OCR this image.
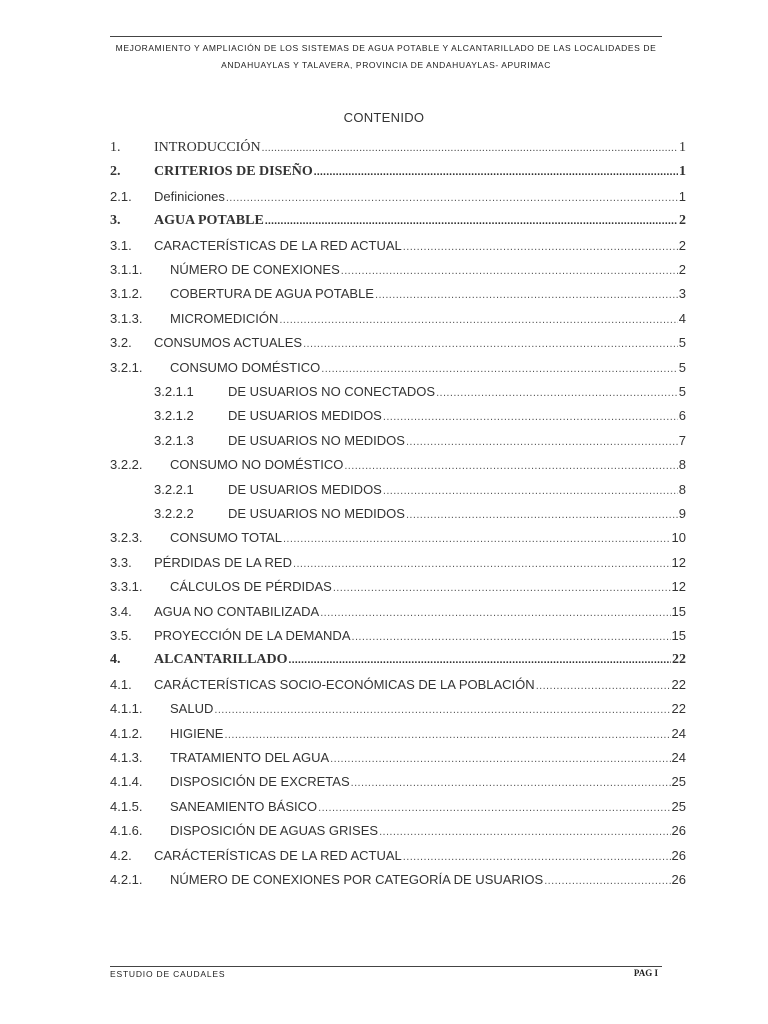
MEJORAMIENTO Y AMPLIACIÓN DE LOS SISTEMAS DE AGUA POTABLE Y ALCANTARILLADO DE LAS LOCALIDADES DE
ANDAHUAYLAS Y TALAVERA, PROVINCIA DE ANDAHUAYLAS- APURIMAC
CONTENIDO
1.	INTRODUCCIÓN .....	1
2.	CRITERIOS DE DISEÑO .....	1
2.1.	Definiciones .....	1
3.	AGUA POTABLE .....	2
3.1.	CARACTERÍSTICAS DE LA RED ACTUAL .....	2
3.1.1.	NÚMERO DE CONEXIONES .....	2
3.1.2.	COBERTURA DE AGUA POTABLE .....	3
3.1.3.	MICROMEDICIÓN .....	4
3.2.	CONSUMOS ACTUALES .....	5
3.2.1.	CONSUMO DOMÉSTICO .....	5
3.2.1.1	DE USUARIOS NO CONECTADOS .....	5
3.2.1.2	DE USUARIOS MEDIDOS .....	6
3.2.1.3	DE USUARIOS NO MEDIDOS .....	7
3.2.2.	CONSUMO NO DOMÉSTICO .....	8
3.2.2.1	DE USUARIOS MEDIDOS .....	8
3.2.2.2	DE USUARIOS NO MEDIDOS .....	9
3.2.3.	CONSUMO TOTAL .....	10
3.3.	PÉRDIDAS DE LA RED .....	12
3.3.1.	CÁLCULOS DE PÉRDIDAS .....	12
3.4.	AGUA NO CONTABILIZADA .....	15
3.5.	PROYECCIÓN DE LA DEMANDA .....	15
4.	ALCANTARILLADO .....	22
4.1.	CARÁCTERÍSTICAS SOCIO-ECONÓMICAS DE LA POBLACIÓN .....	22
4.1.1.	SALUD .....	22
4.1.2.	HIGIENE .....	24
4.1.3.	TRATAMIENTO DEL AGUA .....	24
4.1.4.	DISPOSICIÓN DE EXCRETAS .....	25
4.1.5.	SANEAMIENTO BÁSICO .....	25
4.1.6.	DISPOSICIÓN DE AGUAS GRISES .....	26
4.2.	CARÁCTERÍSTICAS DE LA RED ACTUAL .....	26
4.2.1.	NÚMERO DE CONEXIONES POR CATEGORÍA DE USUARIOS .....	26
ESTUDIO DE CAUDALES	PAG I
